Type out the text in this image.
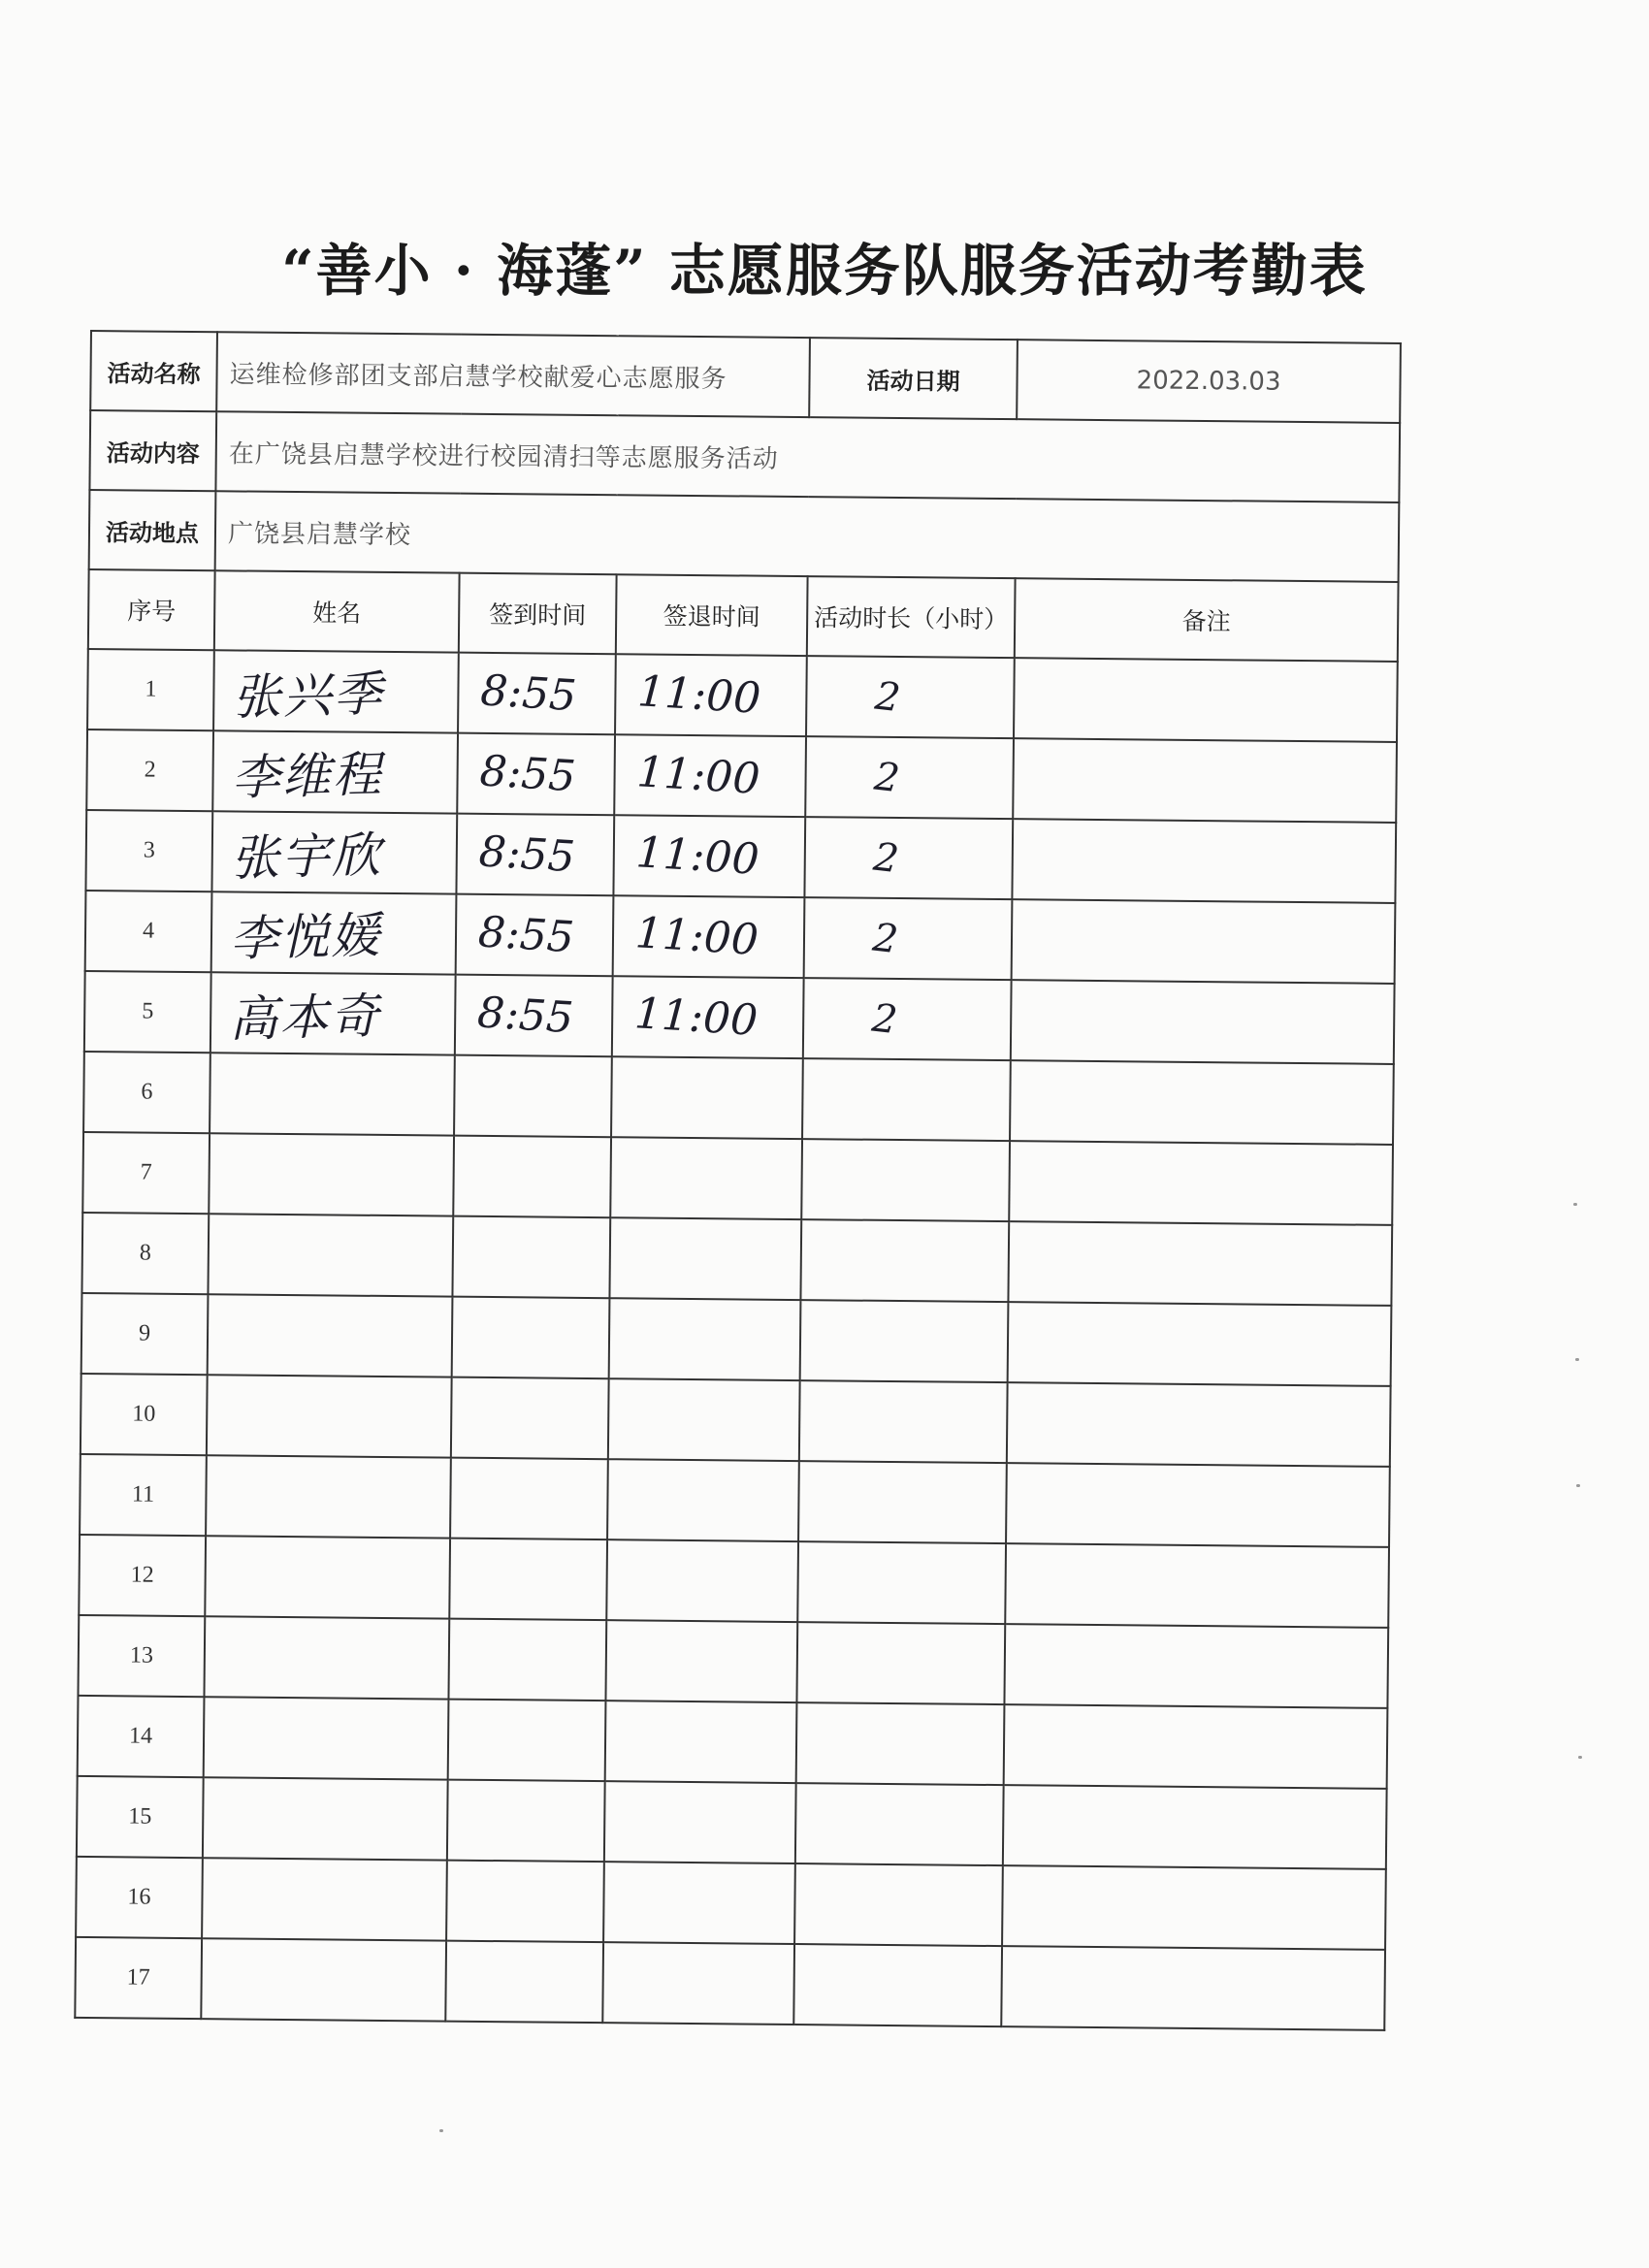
“善小 · 海蓬” 志愿服务队服务活动考勤表
活动名称	运维检修部团支部启慧学校献爱心志愿服务			活动日期	2022.03.03
活动内容	在广饶县启慧学校进行校园清扫等志愿服务活动				
活动地点	广饶县启慧学校				
序号	姓名	签到时间	签退时间	活动时长（小时）	备注
1	张兴季	8:55	11:00	2	
2	李维程	8:55	11:00	2	
3	张宇欣	8:55	11:00	2	
4	李悦媛	8:55	11:00	2	
5	高本奇	8:55	11:00	2	
6					
7					
8					
9					
10					
11					
12					
13					
14					
15					
16					
17					
